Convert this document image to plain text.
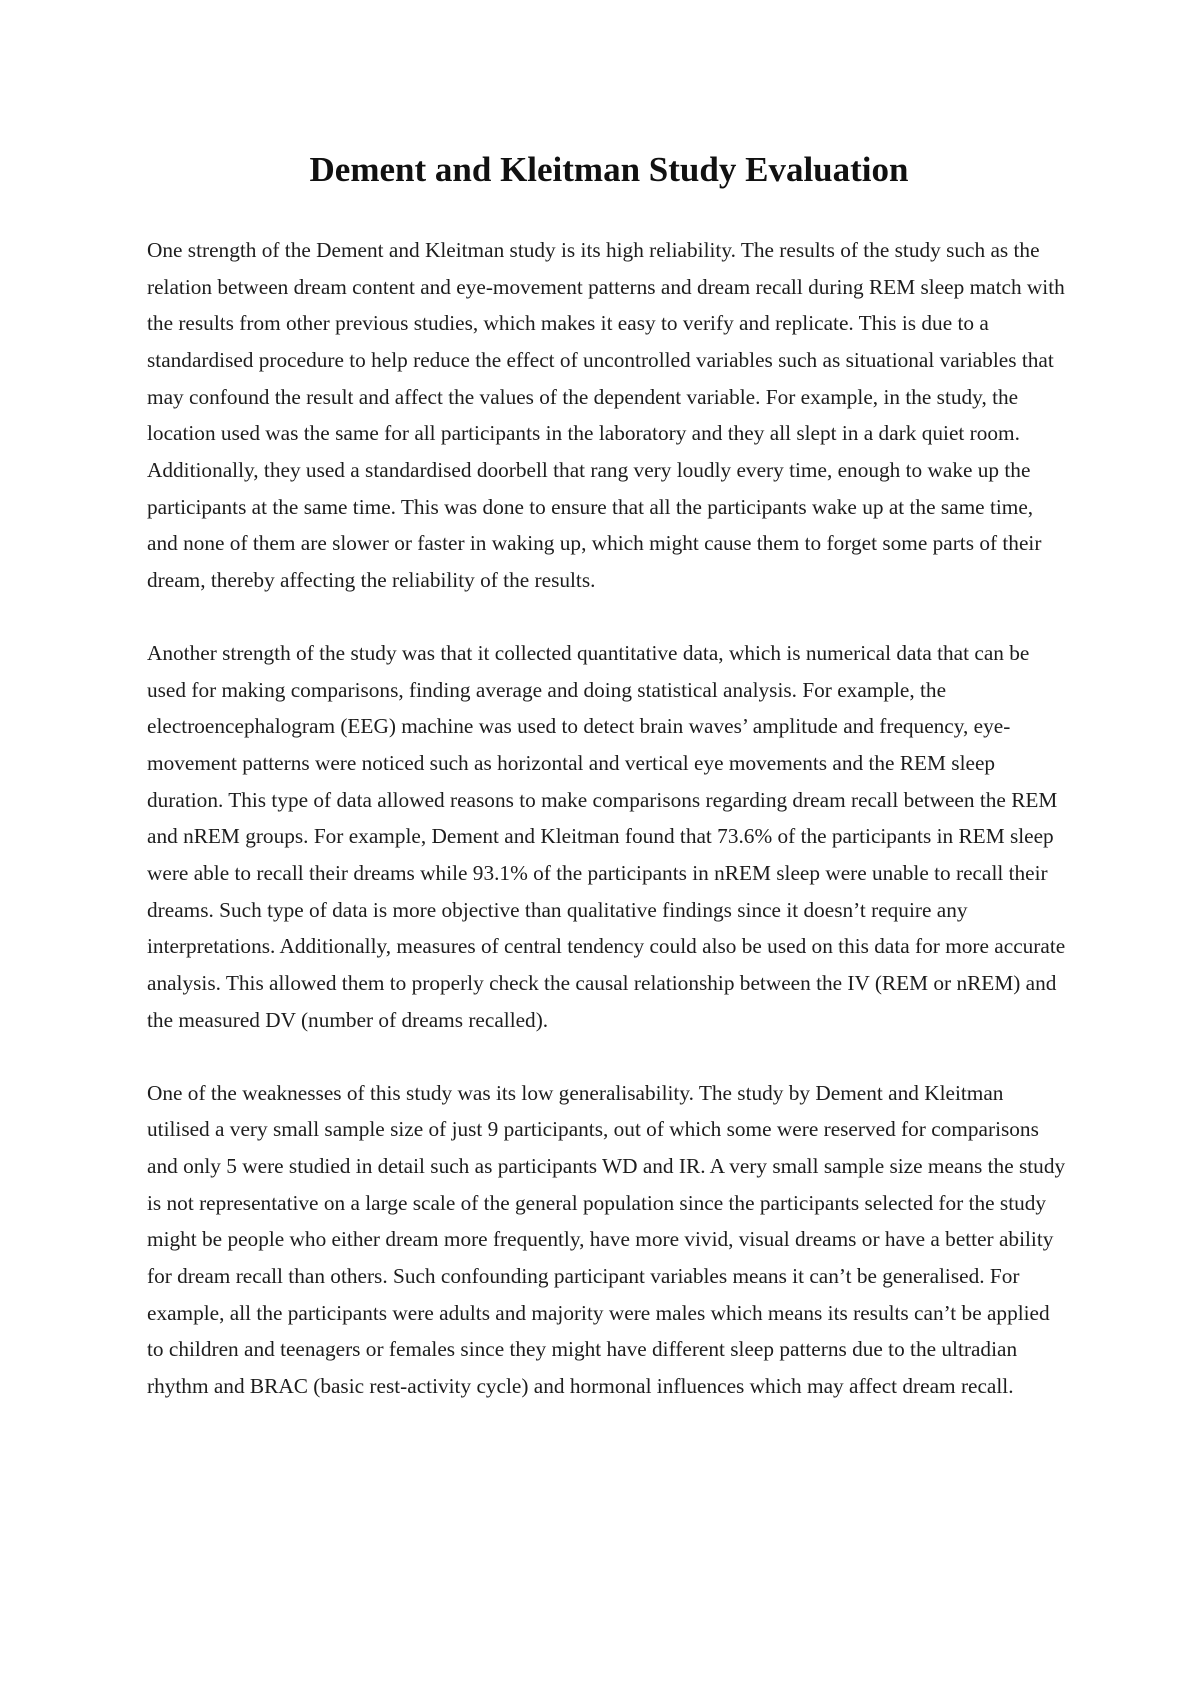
Dement and Kleitman Study Evaluation

One strength of the Dement and Kleitman study is its high reliability. The results of the study such as the relation between dream content and eye-movement patterns and dream recall during REM sleep match with the results from other previous studies, which makes it easy to verify and replicate. This is due to a standardised procedure to help reduce the effect of uncontrolled variables such as situational variables that may confound the result and affect the values of the dependent variable. For example, in the study, the location used was the same for all participants in the laboratory and they all slept in a dark quiet room. Additionally, they used a standardised doorbell that rang very loudly every time, enough to wake up the participants at the same time. This was done to ensure that all the participants wake up at the same time, and none of them are slower or faster in waking up, which might cause them to forget some parts of their dream, thereby affecting the reliability of the results.

Another strength of the study was that it collected quantitative data, which is numerical data that can be used for making comparisons, finding average and doing statistical analysis. For example, the electroencephalogram (EEG) machine was used to detect brain waves’ amplitude and frequency, eye-movement patterns were noticed such as horizontal and vertical eye movements and the REM sleep duration. This type of data allowed reasons to make comparisons regarding dream recall between the REM and nREM groups. For example, Dement and Kleitman found that 73.6% of the participants in REM sleep were able to recall their dreams while 93.1% of the participants in nREM sleep were unable to recall their dreams. Such type of data is more objective than qualitative findings since it doesn’t require any interpretations. Additionally, measures of central tendency could also be used on this data for more accurate analysis. This allowed them to properly check the causal relationship between the IV (REM or nREM) and the measured DV (number of dreams recalled).

One of the weaknesses of this study was its low generalisability. The study by Dement and Kleitman utilised a very small sample size of just 9 participants, out of which some were reserved for comparisons and only 5 were studied in detail such as participants WD and IR. A very small sample size means the study is not representative on a large scale of the general population since the participants selected for the study might be people who either dream more frequently, have more vivid, visual dreams or have a better ability for dream recall than others. Such confounding participant variables means it can’t be generalised. For example, all the participants were adults and majority were males which means its results can’t be applied to children and teenagers or females since they might have different sleep patterns due to the ultradian rhythm and BRAC (basic rest-activity cycle) and hormonal influences which may affect dream recall.
